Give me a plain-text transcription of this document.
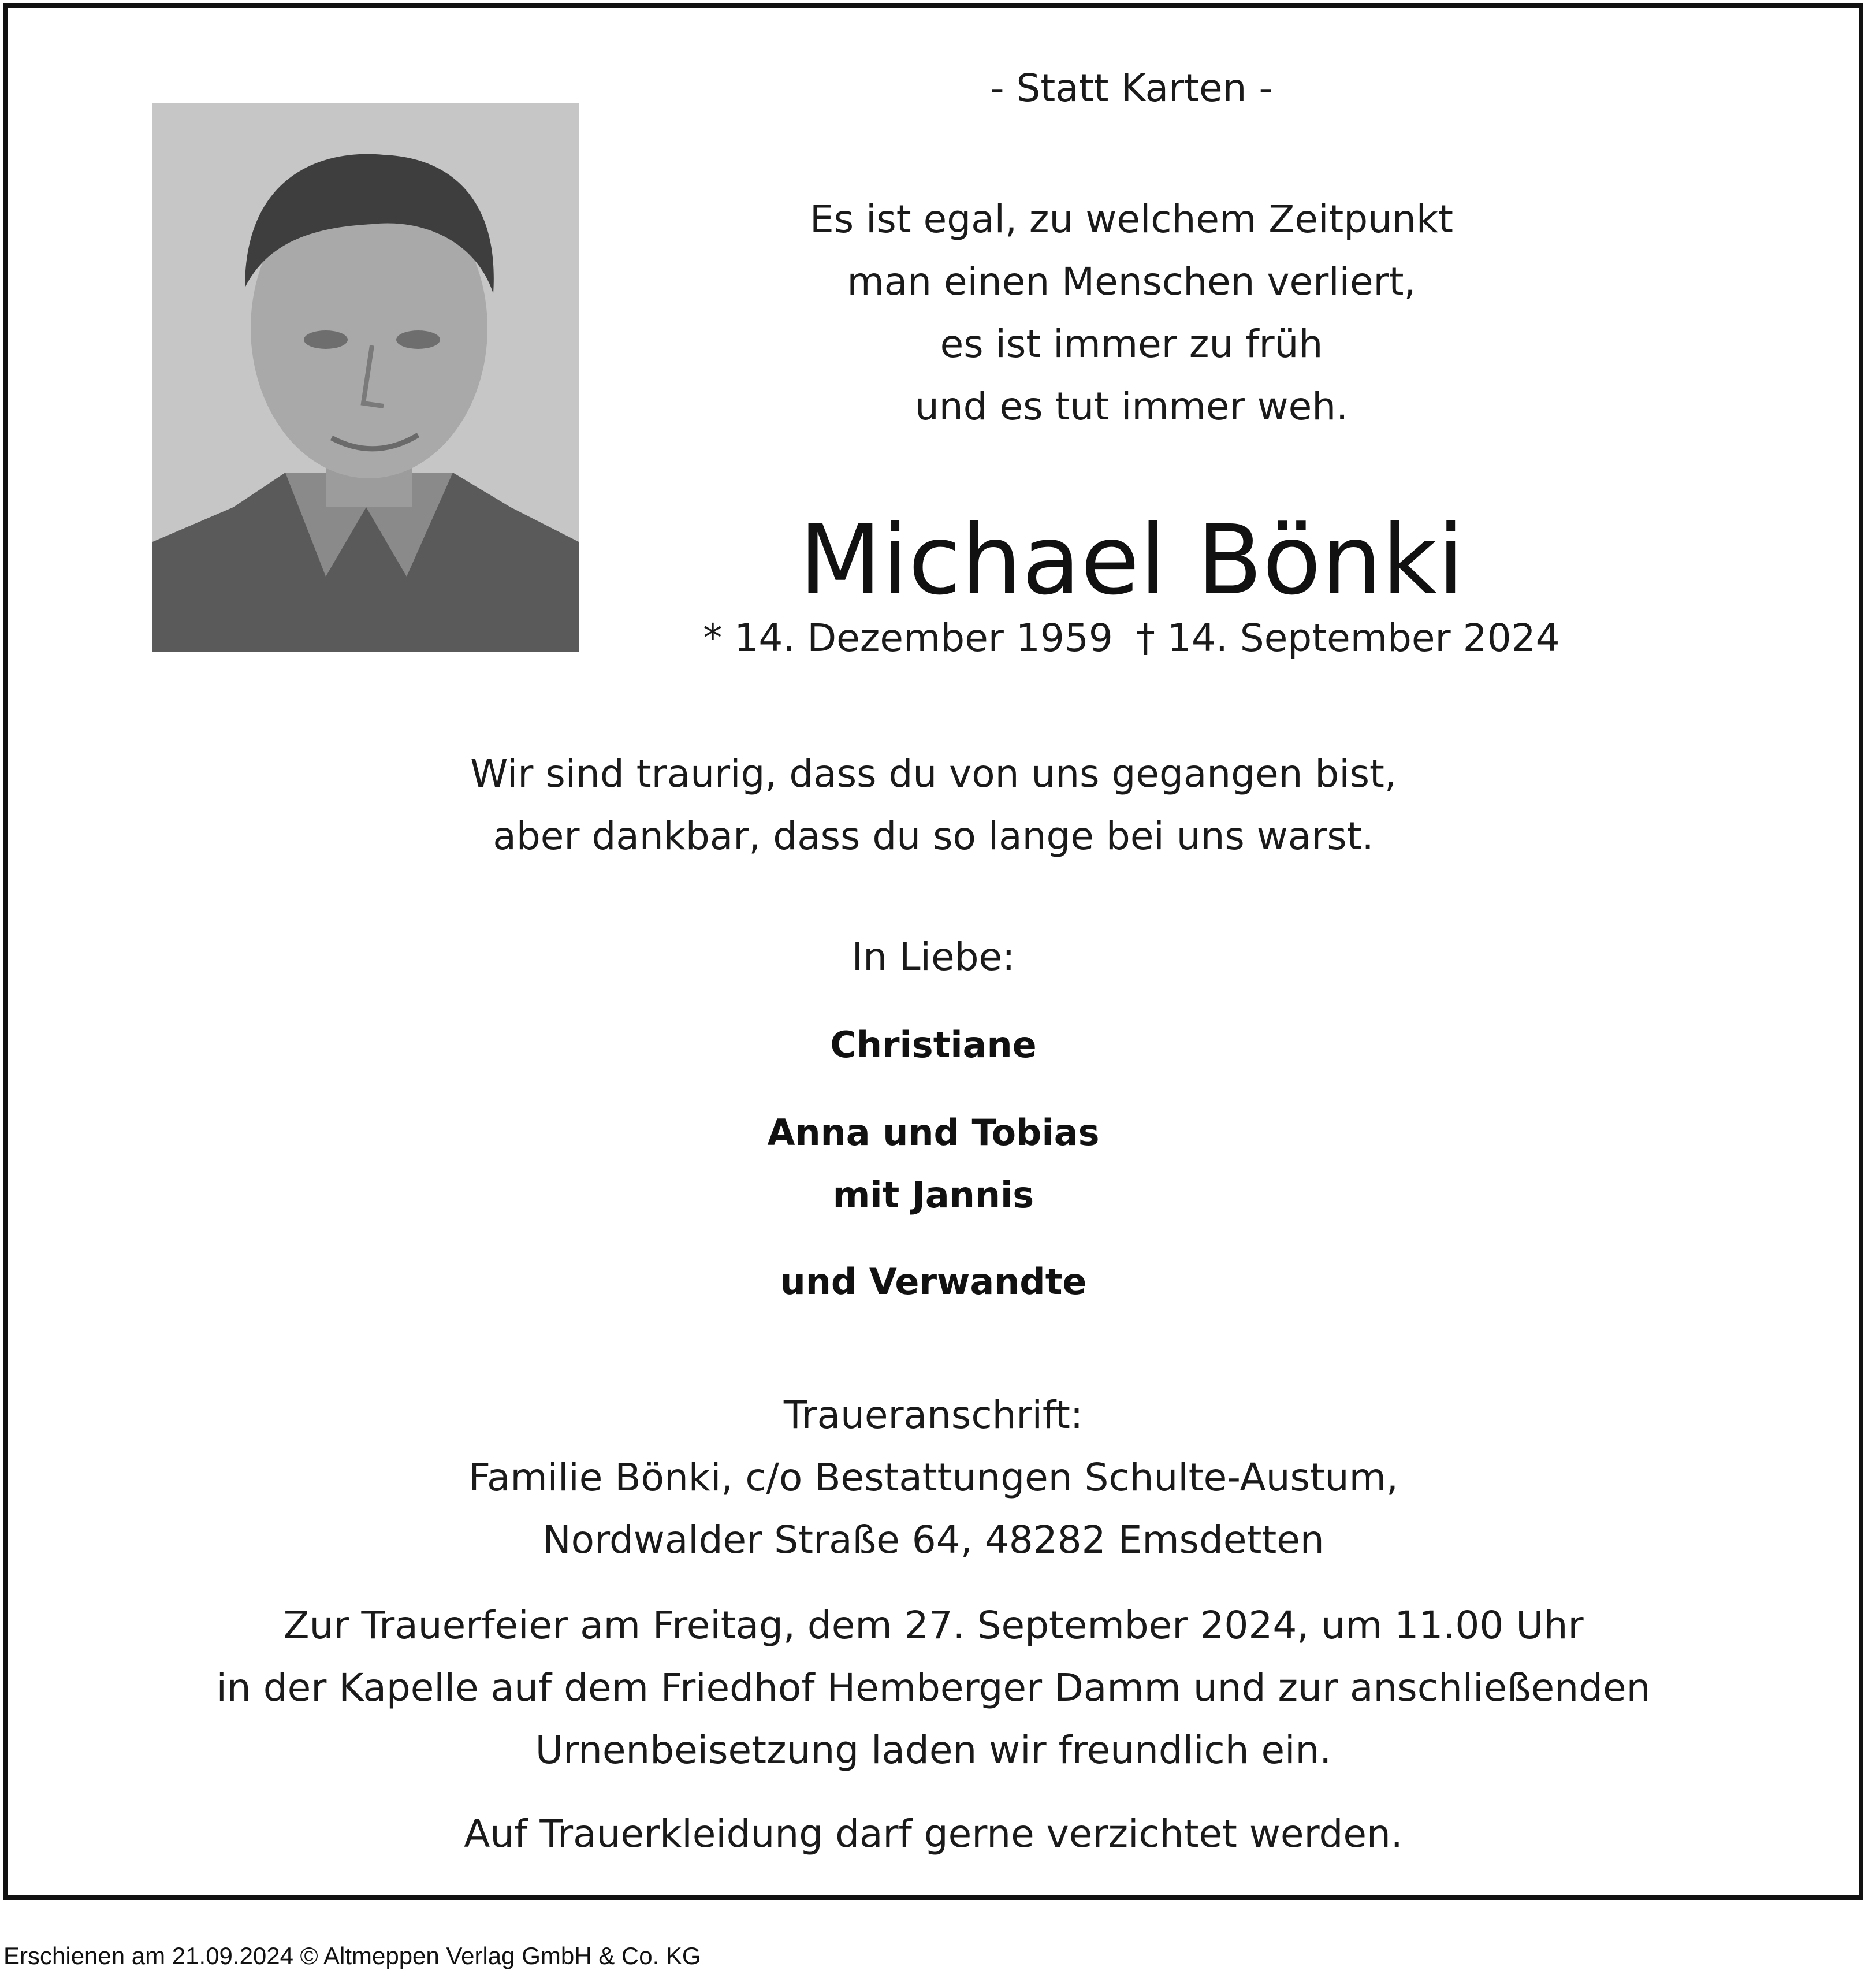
- Statt Karten -

Es ist egal, zu welchem Zeitpunkt
man einen Menschen verliert,
es ist immer zu früh
und es tut immer weh.

Michael Bönki

* 14. Dezember 1959 † 14. September 2024

Wir sind traurig, dass du von uns gegangen bist,
aber dankbar, dass du so lange bei uns warst.

In Liebe:

Christiane

Anna und Tobias

mit Jannis

und Verwandte

Traueranschrift:
Familie Bönki, c/o Bestattungen Schulte-Austum,
Nordwalder Straße 64, 48282 Emsdetten
Zur Trauerfeier am Freitag, dem 27. September 2024, um 11.00 Uhr
in der Kapelle auf dem Friedhof Hemberger Damm und zur anschließenden
Urnenbeisetzung laden wir freundlich ein.

Auf Trauerkleidung darf gerne verzichtet werden.

Erschienen am 21.09.2024 © Altmeppen Verlag GmbH & Co. KG
